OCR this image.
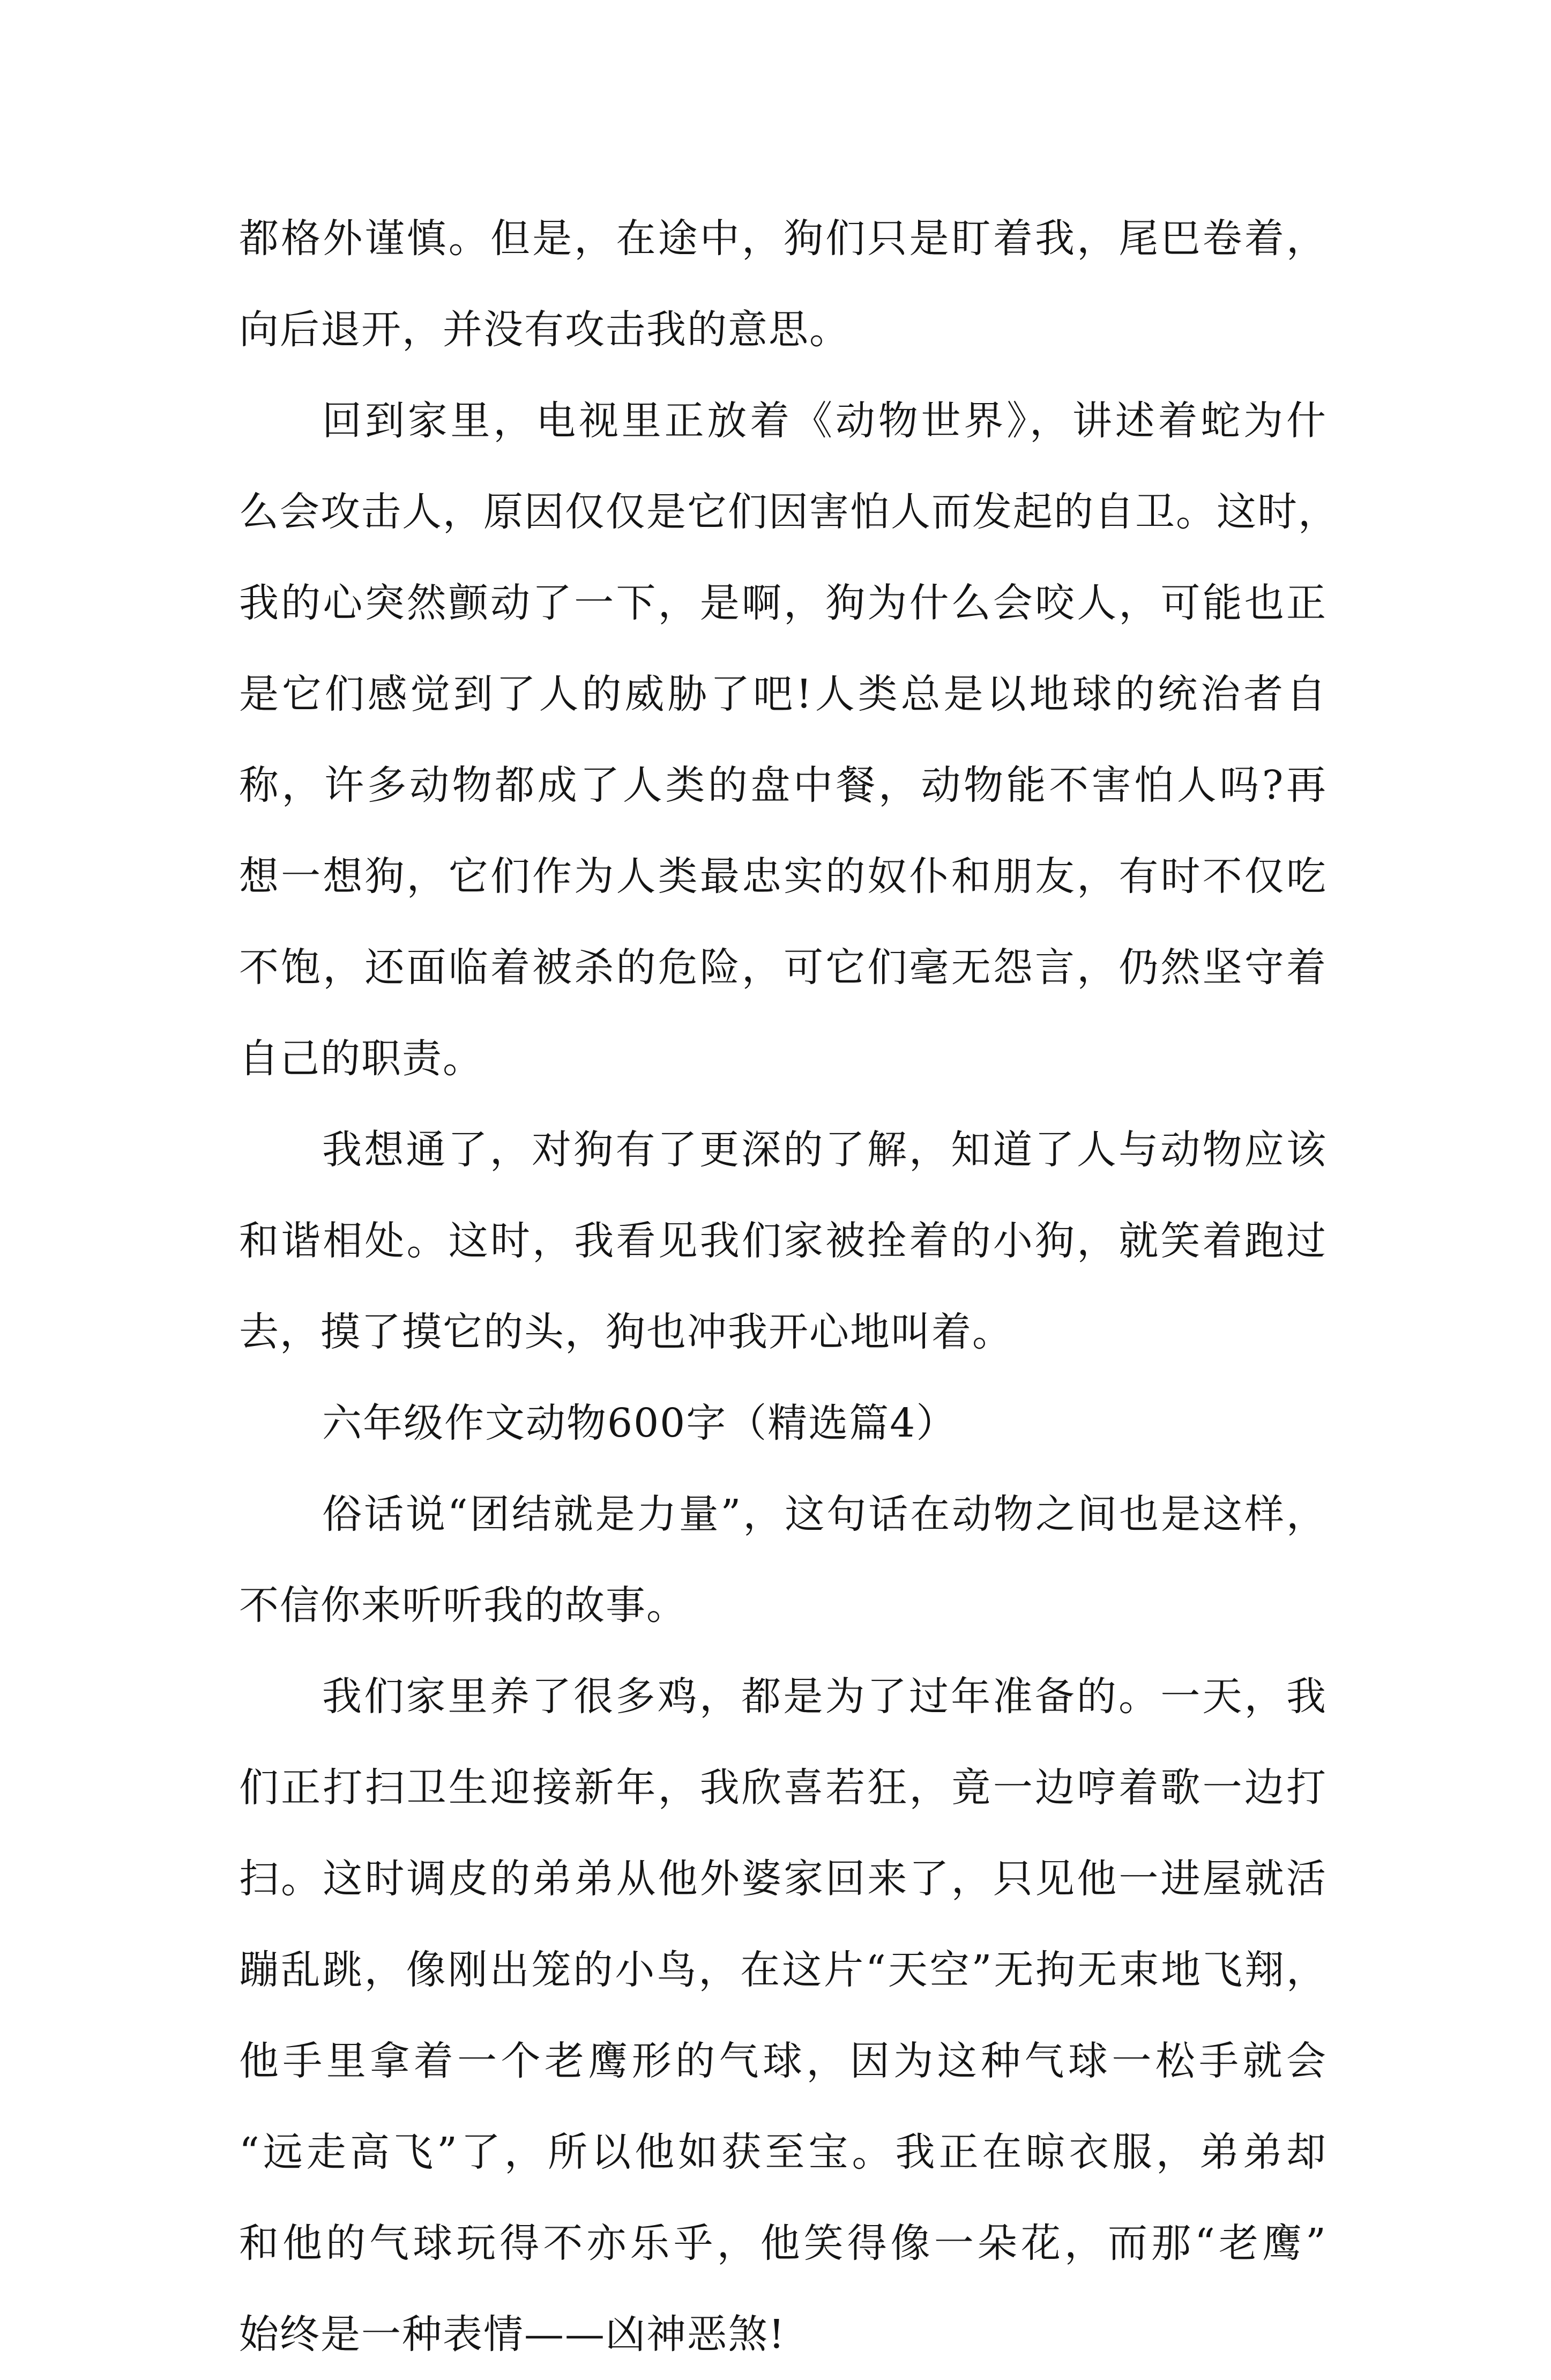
都格外谨慎。但是，在途中，狗们只是盯着我，尾巴卷着，
向后退开，并没有攻击我的意思。
回到家里，电视里正放着《动物世界》，讲述着蛇为什
么会攻击人，原因仅仅是它们因害怕人而发起的自卫。这时，
我的心突然颤动了一下，是啊，狗为什么会咬人，可能也正
是它们感觉到了人的威胁了吧!人类总是以地球的统治者自
称，许多动物都成了人类的盘中餐，动物能不害怕人吗?再
想一想狗，它们作为人类最忠实的奴仆和朋友，有时不仅吃
不饱，还面临着被杀的危险，可它们毫无怨言，仍然坚守着
自己的职责。
我想通了，对狗有了更深的了解，知道了人与动物应该
和谐相处。这时，我看见我们家被拴着的小狗，就笑着跑过
去，摸了摸它的头，狗也冲我开心地叫着。
六年级作文动物600字（精选篇4）
俗话说“团结就是力量”，这句话在动物之间也是这样，
不信你来听听我的故事。
我们家里养了很多鸡，都是为了过年准备的。一天，我
们正打扫卫生迎接新年，我欣喜若狂，竟一边哼着歌一边打
扫。这时调皮的弟弟从他外婆家回来了，只见他一进屋就活
蹦乱跳，像刚出笼的小鸟，在这片“天空”无拘无束地飞翔，
他手里拿着一个老鹰形的气球，因为这种气球一松手就会
“远走高飞”了，所以他如获至宝。我正在晾衣服，弟弟却
和他的气球玩得不亦乐乎，他笑得像一朵花，而那“老鹰”
始终是一种表情——凶神恶煞!
